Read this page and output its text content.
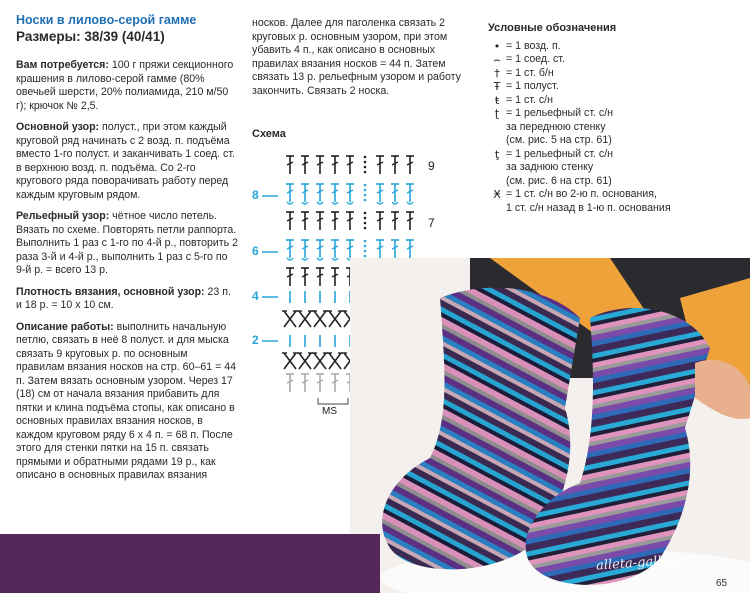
Носки в лилово-серой гамме
Размеры: 38/39 (40/41)

Вам потребуется: 100 г пряжи секционного крашения в лилово-серой гамме (80% овечьей шерсти, 20% полиамида, 210 м/50 г); крючок № 2,5.

Основной узор: полуст., при этом каждый круговой ряд начинать с 2 возд. п. подъёма вместо 1-го полуст. и заканчивать 1 соед. ст. в верхнюю возд. п. подъёма. Со 2-го кругового ряда поворачивать работу перед каждым круговым рядом.

Рельефный узор: чётное число петель. Вязать по схеме. Повторять петли раппорта. Выполнить 1 раз с 1-го по 4-й р., повторить 2 раза 3-й и 4-й р., выполнить 1 раз с 5-го по 9-й р. = всего 13 р.

Плотность вязания, основной узор: 23 п. и 18 р. = 10 х 10 см.

Описание работы: выполнить начальную петлю, связать в неё 8 полуст. и для мыска связать 9 круговых р. по основным правилам вязания носков на стр. 60–61 = 44 п. Затем вязать основным узором. Через 17 (18) см от начала вязания прибавить для пятки и клина подъёма стопы, как описано в основных правилах вязания носков, в каждом круговом ряду 6 х 4 п. = 68 п. После этого для стенки пятки на 15 п. связать прямыми и обратными рядами 19 р., как описано в основных правилах вязания

носков. Далее для паголенка связать 2 круговых р. основным узором, при этом убавить 4 п., как описано в основных правилах вязания носков = 44 п. Затем связать 13 р. рельефным узором и работу закончить. Связать 2 носка.

Схема
9
7
8
6
4
2
MS
Условные обозначения
• = 1 возд. п.
⌢ = 1 соед. ст.
† = 1 ст. б/н
Ŧ = 1 полуст.
ŧ = 1 ст. с/н
ʈ = 1 рельефный ст. с/н
за переднюю стенку
(см. рис. 5 на стр. 61)
ţ = 1 рельефный ст. с/н
за заднюю стенку
(см. рис. 6 на стр. 61)
Ӿ = 1 ст. с/н во 2-ю п. основания,
1 ст. с/н назад в 1-ю п. основания
alleta-gallery.ru
65
